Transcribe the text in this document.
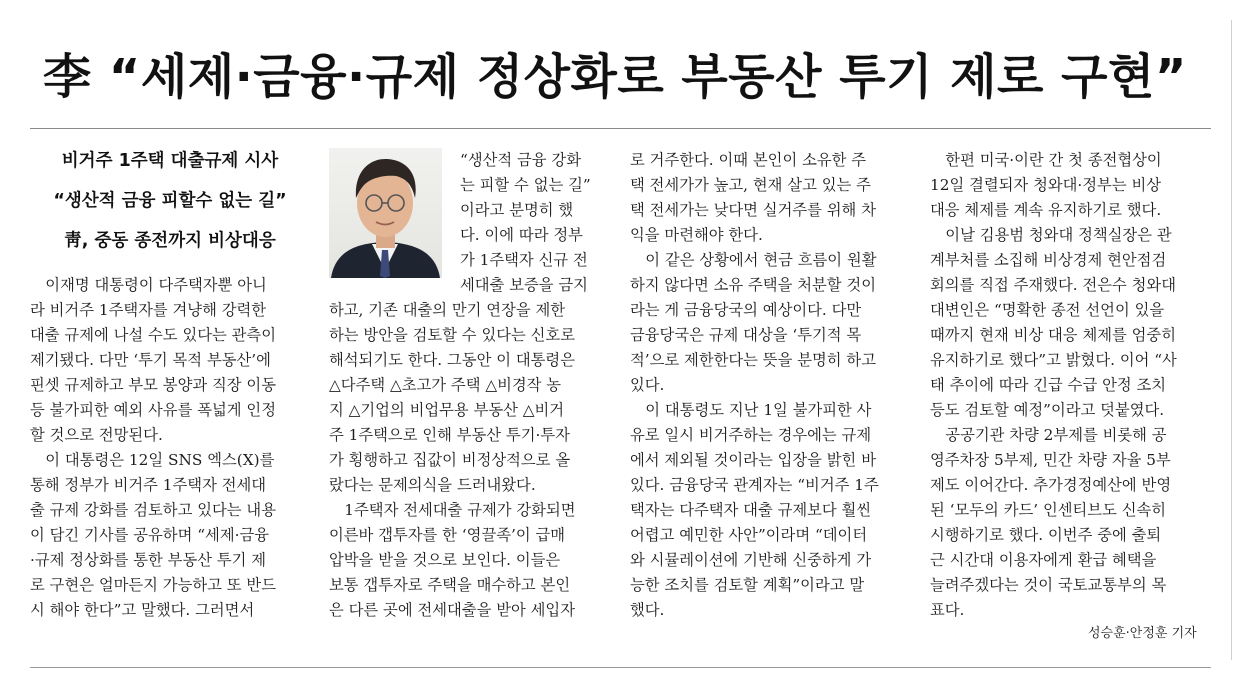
李 “세제·금융·규제 정상화로 부동산 투기 제로 구현”
비거주 1주택 대출규제 시사
“생산적 금융 피할수 없는 길”
靑, 중동 종전까지 비상대응
　이재명 대통령이 다주택자뿐 아니
라 비거주 1주택자를 겨냥해 강력한
대출 규제에 나설 수도 있다는 관측이
제기됐다. 다만 ‘투기 목적 부동산’에
핀셋 규제하고 부모 봉양과 직장 이동
등 불가피한 예외 사유를 폭넓게 인정
할 것으로 전망된다.
　이 대통령은 12일 SNS 엑스(X)를
통해 정부가 비거주 1주택자 전세대
출 규제 강화를 검토하고 있다는 내용
이 담긴 기사를 공유하며 “세제·금융
·규제 정상화를 통한 부동산 투기 제
로 구현은 얼마든지 가능하고 또 반드
시 해야 한다”고 말했다. 그러면서
“생산적 금융 강화
는 피할 수 없는 길”
이라고 분명히 했
다. 이에 따라 정부
가 1주택자 신규 전
세대출 보증을 금지
하고, 기존 대출의 만기 연장을 제한
하는 방안을 검토할 수 있다는 신호로
해석되기도 한다. 그동안 이 대통령은
△다주택 △초고가 주택 △비경작 농
지 △기업의 비업무용 부동산 △비거
주 1주택으로 인해 부동산 투기·투자
가 횡행하고 집값이 비정상적으로 올
랐다는 문제의식을 드러내왔다.
　1주택자 전세대출 규제가 강화되면
이른바 갭투자를 한 ‘영끌족’이 급매
압박을 받을 것으로 보인다. 이들은
보통 갭투자로 주택을 매수하고 본인
은 다른 곳에 전세대출을 받아 세입자
로 거주한다. 이때 본인이 소유한 주
택 전세가가 높고, 현재 살고 있는 주
택 전세가는 낮다면 실거주를 위해 차
익을 마련해야 한다.
　이 같은 상황에서 현금 흐름이 원활
하지 않다면 소유 주택을 처분할 것이
라는 게 금융당국의 예상이다. 다만
금융당국은 규제 대상을 ‘투기적 목
적’으로 제한한다는 뜻을 분명히 하고
있다.
　이 대통령도 지난 1일 불가피한 사
유로 일시 비거주하는 경우에는 규제
에서 제외될 것이라는 입장을 밝힌 바
있다. 금융당국 관계자는 “비거주 1주
택자는 다주택자 대출 규제보다 훨씬
어렵고 예민한 사안”이라며 “데이터
와 시뮬레이션에 기반해 신중하게 가
능한 조치를 검토할 계획”이라고 말
했다.
　한편 미국·이란 간 첫 종전협상이
12일 결렬되자 청와대·정부는 비상
대응 체제를 계속 유지하기로 했다.
　이날 김용범 청와대 정책실장은 관
계부처를 소집해 비상경제 현안점검
회의를 직접 주재했다. 전은수 청와대
대변인은 “명확한 종전 선언이 있을
때까지 현재 비상 대응 체제를 엄중히
유지하기로 했다”고 밝혔다. 이어 “사
태 추이에 따라 긴급 수급 안정 조치
등도 검토할 예정”이라고 덧붙였다.
　공공기관 차량 2부제를 비롯해 공
영주차장 5부제, 민간 차량 자율 5부
제도 이어간다. 추가경정예산에 반영
된 ‘모두의 카드’ 인센티브도 신속히
시행하기로 했다. 이번주 중에 출퇴
근 시간대 이용자에게 환급 혜택을
늘려주겠다는 것이 국토교통부의 목
표다.
성승훈·안정훈 기자
